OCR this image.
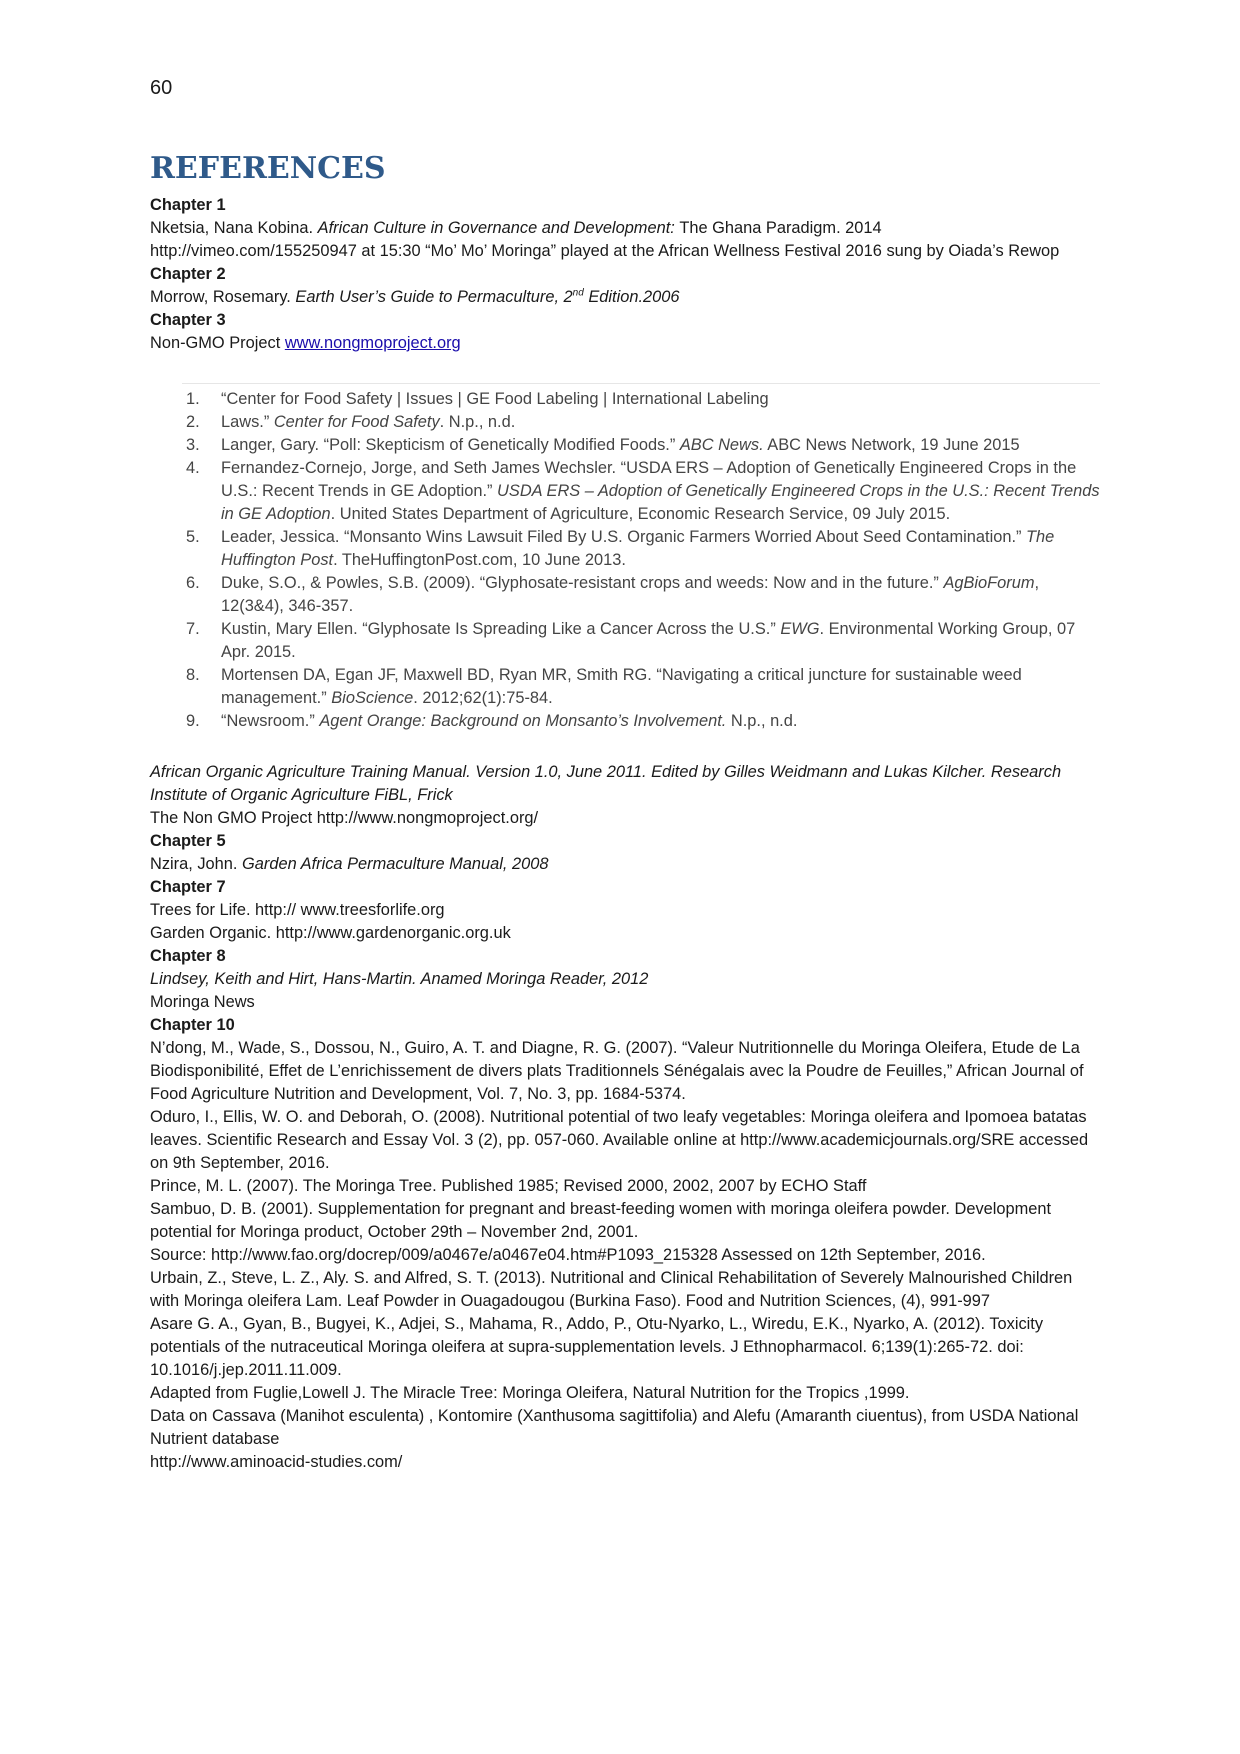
60
REFERENCES

Chapter 1

Nketsia, Nana Kobina. African Culture in Governance and Development: The Ghana Paradigm. 2014

http://vimeo.com/155250947 at 15:30 “Mo’ Mo’ Moringa” played at the African Wellness Festival 2016 sung by Oiada’s Rewop

Chapter 2

Morrow, Rosemary. Earth User’s Guide to Permaculture, 2nd Edition.2006

Chapter 3

Non-GMO Project www.nongmoproject.org

1. “Center for Food Safety | Issues | GE Food Labeling | International Labeling
2. Laws.” Center for Food Safety. N.p., n.d.
3. Langer, Gary. “Poll: Skepticism of Genetically Modified Foods.” ABC News. ABC News Network, 19 June 2015
4. Fernandez-Cornejo, Jorge, and Seth James Wechsler. “USDA ERS – Adoption of Genetically Engineered Crops in the U.S.: Recent Trends in GE Adoption.” USDA ERS – Adoption of Genetically Engineered Crops in the U.S.: Recent Trends in GE Adoption. United States Department of Agriculture, Economic Research Service, 09 July 2015.
5. Leader, Jessica. “Monsanto Wins Lawsuit Filed By U.S. Organic Farmers Worried About Seed Contamination.” The Huffington Post. TheHuffingtonPost.com, 10 June 2013.
6. Duke, S.O., & Powles, S.B. (2009). “Glyphosate-resistant crops and weeds: Now and in the future.” AgBioForum, 12(3&4), 346-357.
7. Kustin, Mary Ellen. “Glyphosate Is Spreading Like a Cancer Across the U.S.” EWG. Environmental Working Group, 07 Apr. 2015.
8. Mortensen DA, Egan JF, Maxwell BD, Ryan MR, Smith RG. “Navigating a critical juncture for sustainable weed management.” BioScience. 2012;62(1):75-84.
9. “Newsroom.” Agent Orange: Background on Monsanto’s Involvement. N.p., n.d.

African Organic Agriculture Training Manual. Version 1.0, June 2011. Edited by Gilles Weidmann and Lukas Kilcher. Research Institute of Organic Agriculture FiBL, Frick

The Non GMO Project http://www.nongmoproject.org/

Chapter 5

Nzira, John. Garden Africa Permaculture Manual, 2008

Chapter 7

Trees for Life. http:// www.treesforlife.org

Garden Organic. http://www.gardenorganic.org.uk

Chapter 8

Lindsey, Keith and Hirt, Hans-Martin. Anamed Moringa Reader, 2012

Moringa News

Chapter 10

N’dong, M., Wade, S., Dossou, N., Guiro, A. T. and Diagne, R. G. (2007). “Valeur Nutritionnelle du Moringa Oleifera, Etude de La Biodisponibilité, Effet de L’enrichissement de divers plats Traditionnels Sénégalais avec la Poudre de Feuilles,” African Journal of Food Agriculture Nutrition and Development, Vol. 7, No. 3, pp. 1684-5374.

Oduro, I., Ellis, W. O. and Deborah, O. (2008). Nutritional potential of two leafy vegetables: Moringa oleifera and Ipomoea batatas leaves. Scientific Research and Essay Vol. 3 (2), pp. 057-060. Available online at http://www.academicjournals.org/SRE accessed on 9th September, 2016.

Prince, M. L. (2007). The Moringa Tree. Published 1985; Revised 2000, 2002, 2007 by ECHO Staff

Sambuo, D. B. (2001). Supplementation for pregnant and breast-feeding women with moringa oleifera powder. Development potential for Moringa product, October 29th – November 2nd, 2001.

Source: http://www.fao.org/docrep/009/a0467e/a0467e04.htm#P1093_215328 Assessed on 12th September, 2016.

Urbain, Z., Steve, L. Z., Aly. S. and Alfred, S. T. (2013). Nutritional and Clinical Rehabilitation of Severely Malnourished Children with Moringa oleifera Lam. Leaf Powder in Ouagadougou (Burkina Faso). Food and Nutrition Sciences, (4), 991-997

Asare G. A., Gyan, B., Bugyei, K., Adjei, S., Mahama, R., Addo, P., Otu-Nyarko, L., Wiredu, E.K., Nyarko, A. (2012). Toxicity potentials of the nutraceutical Moringa oleifera at supra-supplementation levels. J Ethnopharmacol. 6;139(1):265-72. doi: 10.1016/j.jep.2011.11.009.

Adapted from Fuglie,Lowell J. The Miracle Tree: Moringa Oleifera, Natural Nutrition for the Tropics ,1999.

Data on Cassava (Manihot esculenta) , Kontomire (Xanthusoma sagittifolia) and Alefu (Amaranth ciuentus), from USDA National Nutrient database

http://www.aminoacid-studies.com/
